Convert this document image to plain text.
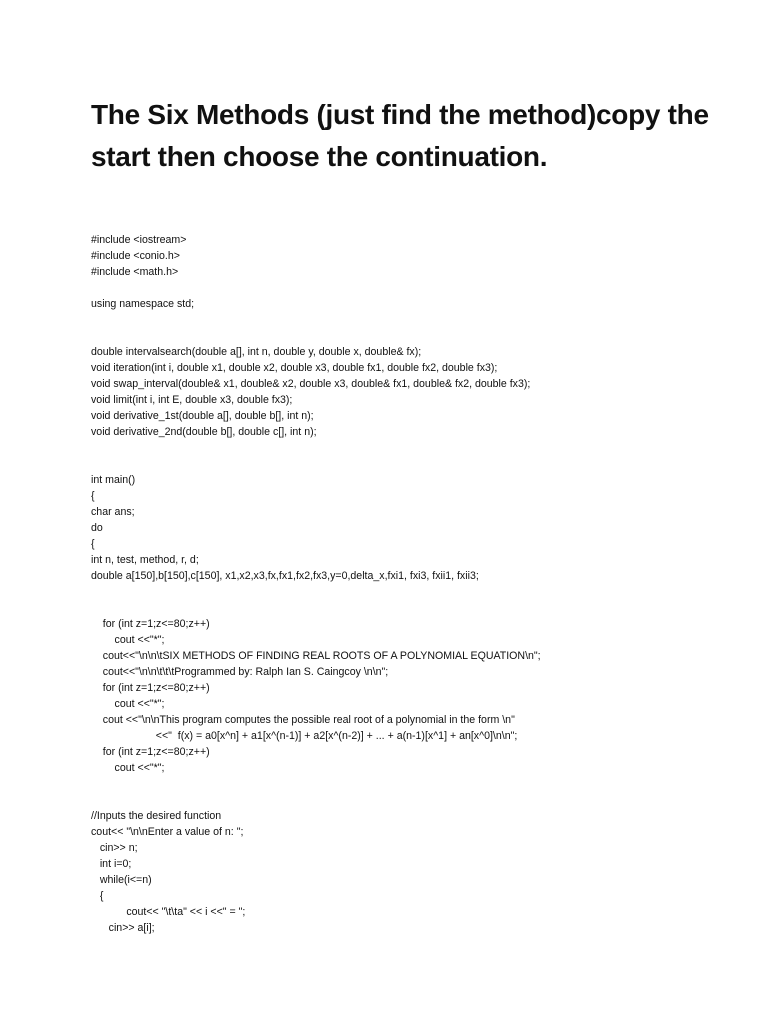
The Six Methods (just find the method)copy the start then choose the continuation.
#include <iostream>
#include <conio.h>
#include <math.h>
using namespace std;
double intervalsearch(double a[], int n, double y, double x, double& fx);
void iteration(int i, double x1, double x2, double x3, double fx1, double fx2, double fx3);
void swap_interval(double& x1, double& x2, double x3, double& fx1, double& fx2, double fx3);
void limit(int i, int E, double x3, double fx3);
void derivative_1st(double a[], double b[], int n);
void derivative_2nd(double b[], double c[], int n);
int main()
{
char ans;
do
{
int n, test, method, r, d;
double a[150],b[150],c[150], x1,x2,x3,fx,fx1,fx2,fx3,y=0,delta_x,fxi1, fxi3, fxii1, fxii3;
for (int z=1;z<=80;z++)
cout <<"*";
cout<<"\n\n\tSIX METHODS OF FINDING REAL ROOTS OF A POLYNOMIAL EQUATION\n";
cout<<"\n\n\t\t\tProgrammed by: Ralph Ian S. Caingcoy \n\n";
for (int z=1;z<=80;z++)
cout <<"*";
cout <<"\n\nThis program computes the possible real root of a polynomial in the form \n"
<<"  f(x) = a0[x^n] + a1[x^(n-1)] + a2[x^(n-2)] + ... + a(n-1)[x^1] + an[x^0]\n\n";
for (int z=1;z<=80;z++)
cout <<"*";
//Inputs the desired function
cout<< "\n\nEnter a value of n: ";
cin>> n;
int i=0;
while(i<=n)
{
cout<< "\t\ta" << i <<" = ";
cin>> a[i];
